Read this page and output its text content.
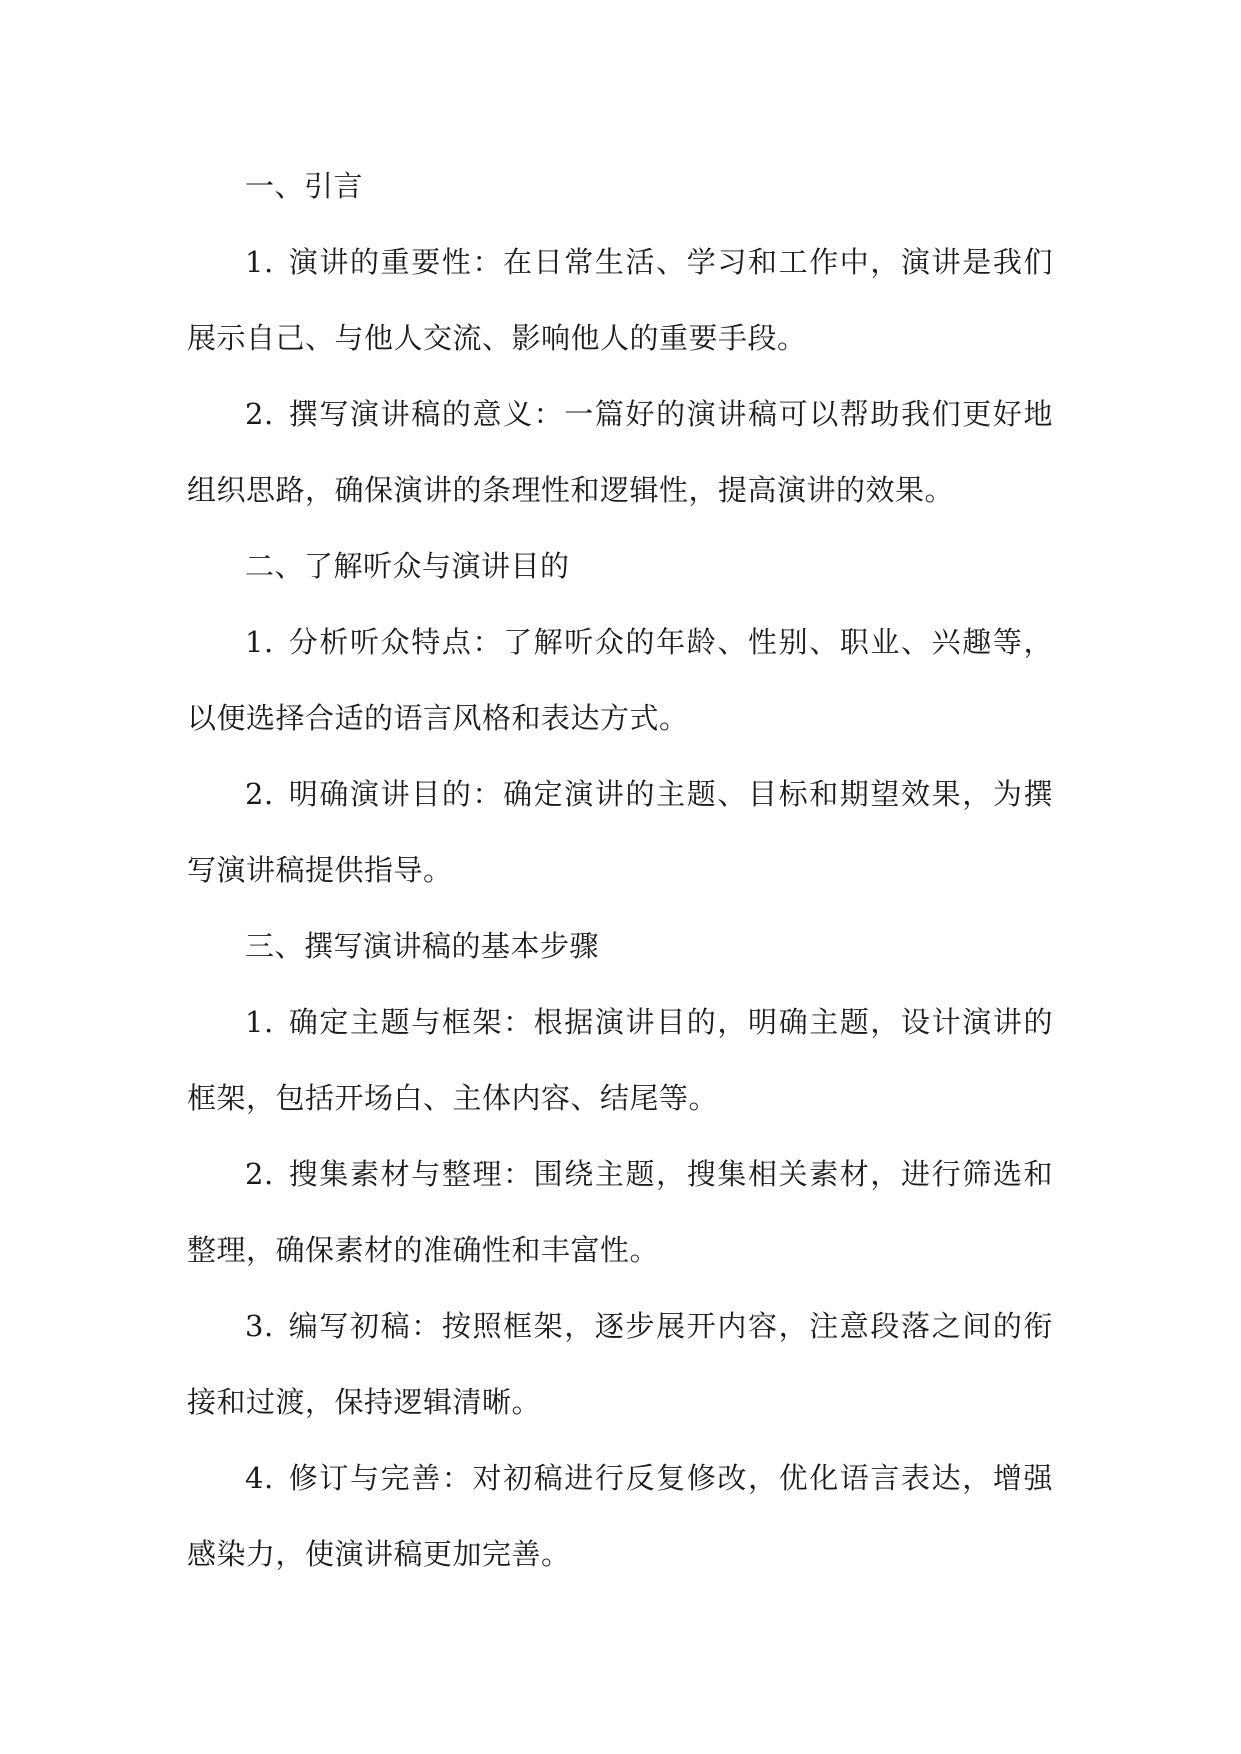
一、引言

1. 演讲的重要性：在日常生活、学习和工作中，演讲是我们展示自己、与他人交流、影响他人的重要手段。

2. 撰写演讲稿的意义：一篇好的演讲稿可以帮助我们更好地组织思路，确保演讲的条理性和逻辑性，提高演讲的效果。

二、了解听众与演讲目的

1. 分析听众特点：了解听众的年龄、性别、职业、兴趣等，以便选择合适的语言风格和表达方式。

2. 明确演讲目的：确定演讲的主题、目标和期望效果，为撰写演讲稿提供指导。

三、撰写演讲稿的基本步骤

1. 确定主题与框架：根据演讲目的，明确主题，设计演讲的框架，包括开场白、主体内容、结尾等。

2. 搜集素材与整理：围绕主题，搜集相关素材，进行筛选和整理，确保素材的准确性和丰富性。

3. 编写初稿：按照框架，逐步展开内容，注意段落之间的衔接和过渡，保持逻辑清晰。

4. 修订与完善：对初稿进行反复修改，优化语言表达，增强感染力，使演讲稿更加完善。
